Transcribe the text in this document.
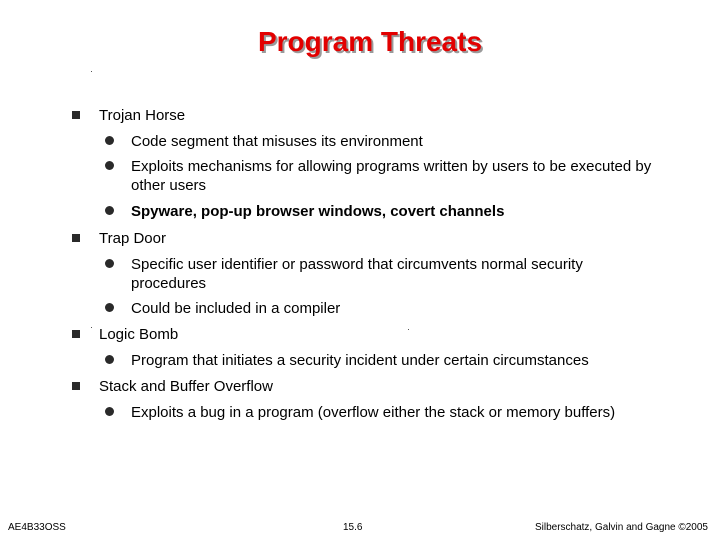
Program Threats
Trojan Horse
Code segment that misuses its environment
Exploits mechanisms for allowing programs written by users to be executed by other users
Spyware, pop-up browser windows, covert channels
Trap Door
Specific user identifier or password that circumvents normal security procedures
Could be included in a compiler
Logic Bomb
Program that initiates a security incident under certain circumstances
Stack and Buffer Overflow
Exploits a bug in a program (overflow either the stack or memory buffers)
AE4B33OSS	15.6	Silberschatz, Galvin and Gagne ©2005
